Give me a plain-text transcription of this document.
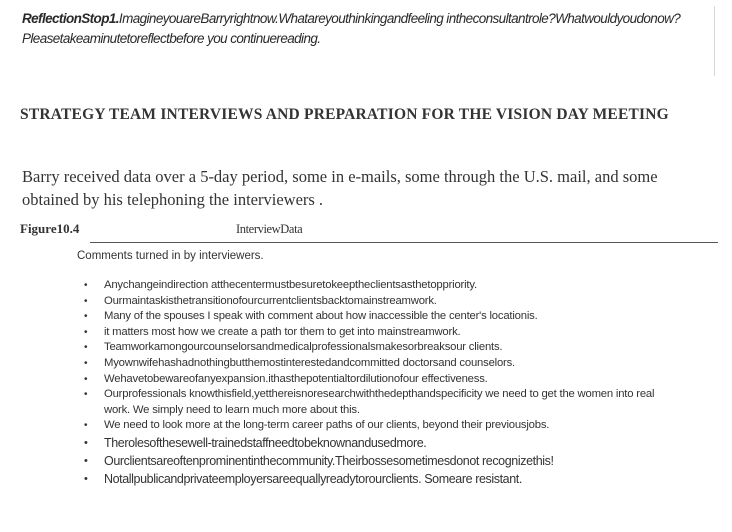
ReflectionStop1.ImagineyouareBarryrightnow.Whatareyouthinkingandfeeling intheconsultantrole?Whatwouldyoudonow?Pleasetakeaminutetoreflectbefore you continuereading.
STRATEGY TEAM INTERVIEWS AND PREPARATION FOR THE VISION DAY MEETING
Barry received data over a 5-day period, some in e-mails, some through the U.S. mail, and some obtained by his telephoning the interviewers .
Figure10.4	InterviewData
Comments turned in by interviewers.
• Anychangeindirection atthecentermustbesuretokeeptheclientsasthetoppriority.
• Ourmaintaskisthetransitionofourcurrentclientsbacktomainstreamwork.
• Many of the spouses I speak with comment about how inaccessible the center's locationis.
• it matters most how we create a path tor them to get into mainstreamwork.
• Teamworkamongourcounselorsandmedicalprofessionalsmakesorbreaksour clients.
• Myownwifehashadnothingbutthemostinterestedandcommitted doctorsand counselors.
• Wehavetobewareofanyexpansion.ithasthepotentialtordilutionofour effectiveness.
• Ourprofessionals knowthisfield,yetthereisnoresearchwiththedepthandspecificity we need to get the women into real work. We simply need to learn much more about this.
• We need to look more at the long-term career paths of our clients, beyond their previousjobs.
• Therolesofthesewell-trainedstaffneedtobeknownandusedmore.
• Ourclientsareoftenprominentinthecommunity.Theirbossesometimesdonot recognizethis!
• Notallpublicandprivateemployersareequallyreadytorourclients. Someare resistant.
